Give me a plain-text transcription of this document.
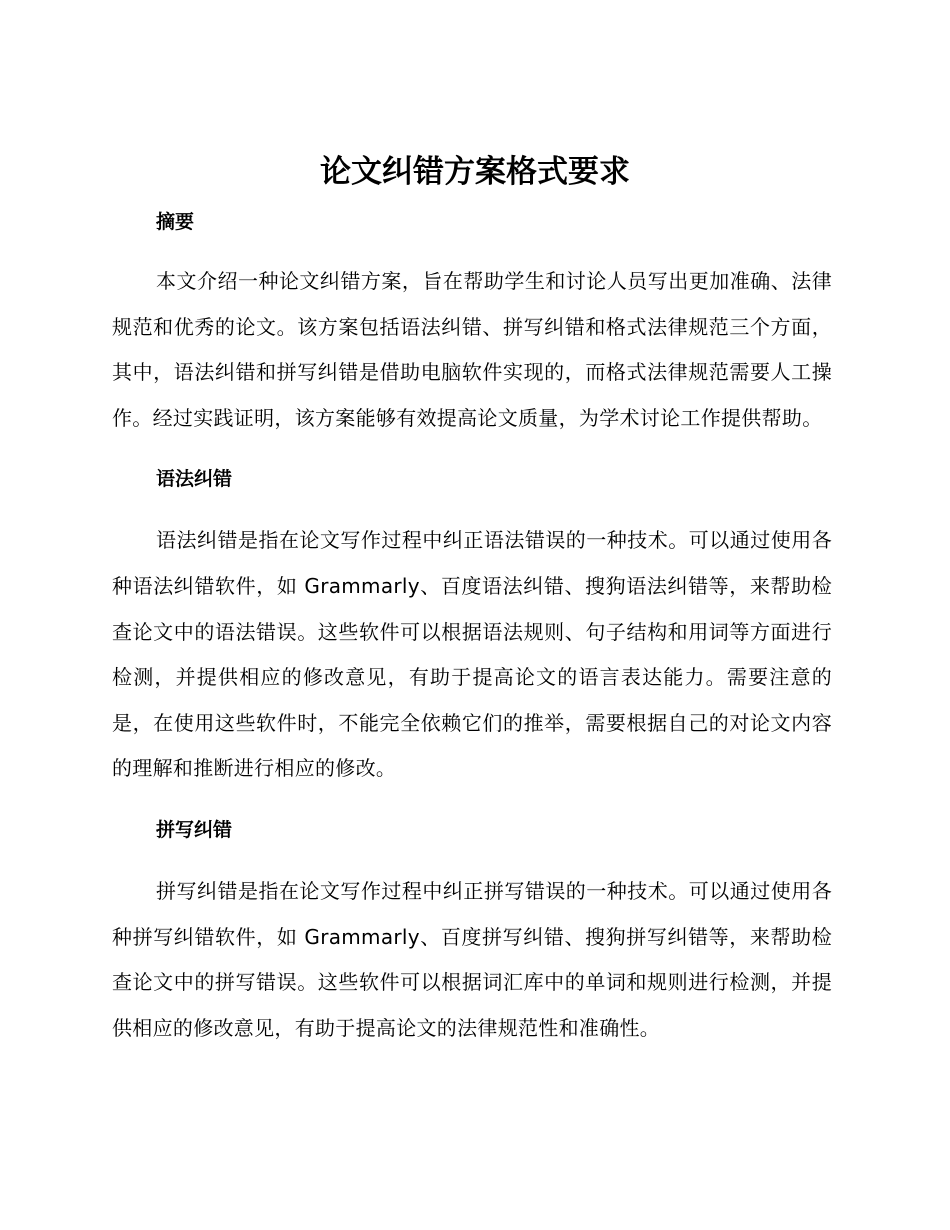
论文纠错方案格式要求
摘要

本文介绍一种论文纠错方案，旨在帮助学生和讨论人员写出更加准确、法律规范和优秀的论文。该方案包括语法纠错、拼写纠错和格式法律规范三个方面，其中，语法纠错和拼写纠错是借助电脑软件实现的，而格式法律规范需要人工操作。经过实践证明，该方案能够有效提高论文质量，为学术讨论工作提供帮助。

语法纠错

语法纠错是指在论文写作过程中纠正语法错误的一种技术。可以通过使用各种语法纠错软件，如 Grammarly、百度语法纠错、搜狗语法纠错等，来帮助检查论文中的语法错误。这些软件可以根据语法规则、句子结构和用词等方面进行检测，并提供相应的修改意见，有助于提高论文的语言表达能力。需要注意的是，在使用这些软件时，不能完全依赖它们的推举，需要根据自己的对论文内容的理解和推断进行相应的修改。

拼写纠错

拼写纠错是指在论文写作过程中纠正拼写错误的一种技术。可以通过使用各种拼写纠错软件，如 Grammarly、百度拼写纠错、搜狗拼写纠错等，来帮助检查论文中的拼写错误。这些软件可以根据词汇库中的单词和规则进行检测，并提供相应的修改意见，有助于提高论文的法律规范性和准确性。
